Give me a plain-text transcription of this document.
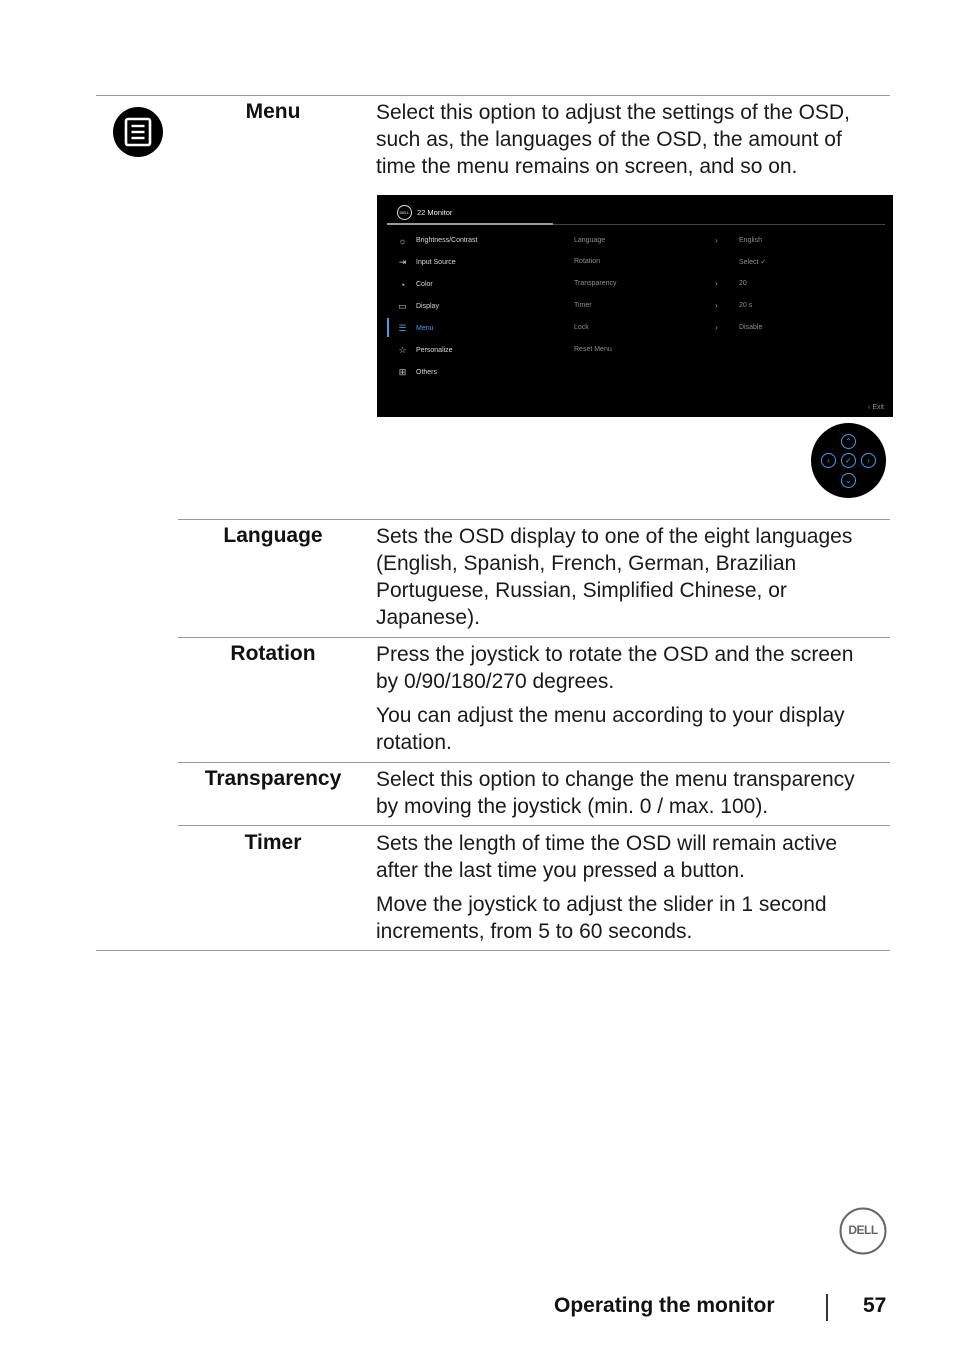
Menu	Select this option to adjust the settings of the OSD, such as, the languages of the OSD, the amount of time the menu remains on screen, and so on.
DELL	22 Monitor
☼ Brightness/Contrast
⇥ Input Source
◔	Color
▭ Display
☰ Menu
☆ Personalize
⊞ Others
Language	›	English
Rotation	Select ✓
Transparency	›	20
Timer	›	20 s
Lock	›	Disable
Reset Menu
‹ Exit
⌃
‹	✓	›
⌄
Language	Sets the OSD display to one of the eight languages (English, Spanish, French, German, Brazilian Portuguese, Russian, Simplified Chinese, or Japanese).
Rotation	Press the joystick to rotate the OSD and the screen by 0/90/180/270 degrees.

You can adjust the menu according to your display rotation.

Transparency	Select this option to change the menu transparency by moving the joystick (min. 0 / max. 100).
Timer	Sets the length of time the OSD will remain active after the last time you pressed a button.

Move the joystick to adjust the slider in 1 second increments, from 5 to 60 seconds.

DELL
Operating the monitor	57
